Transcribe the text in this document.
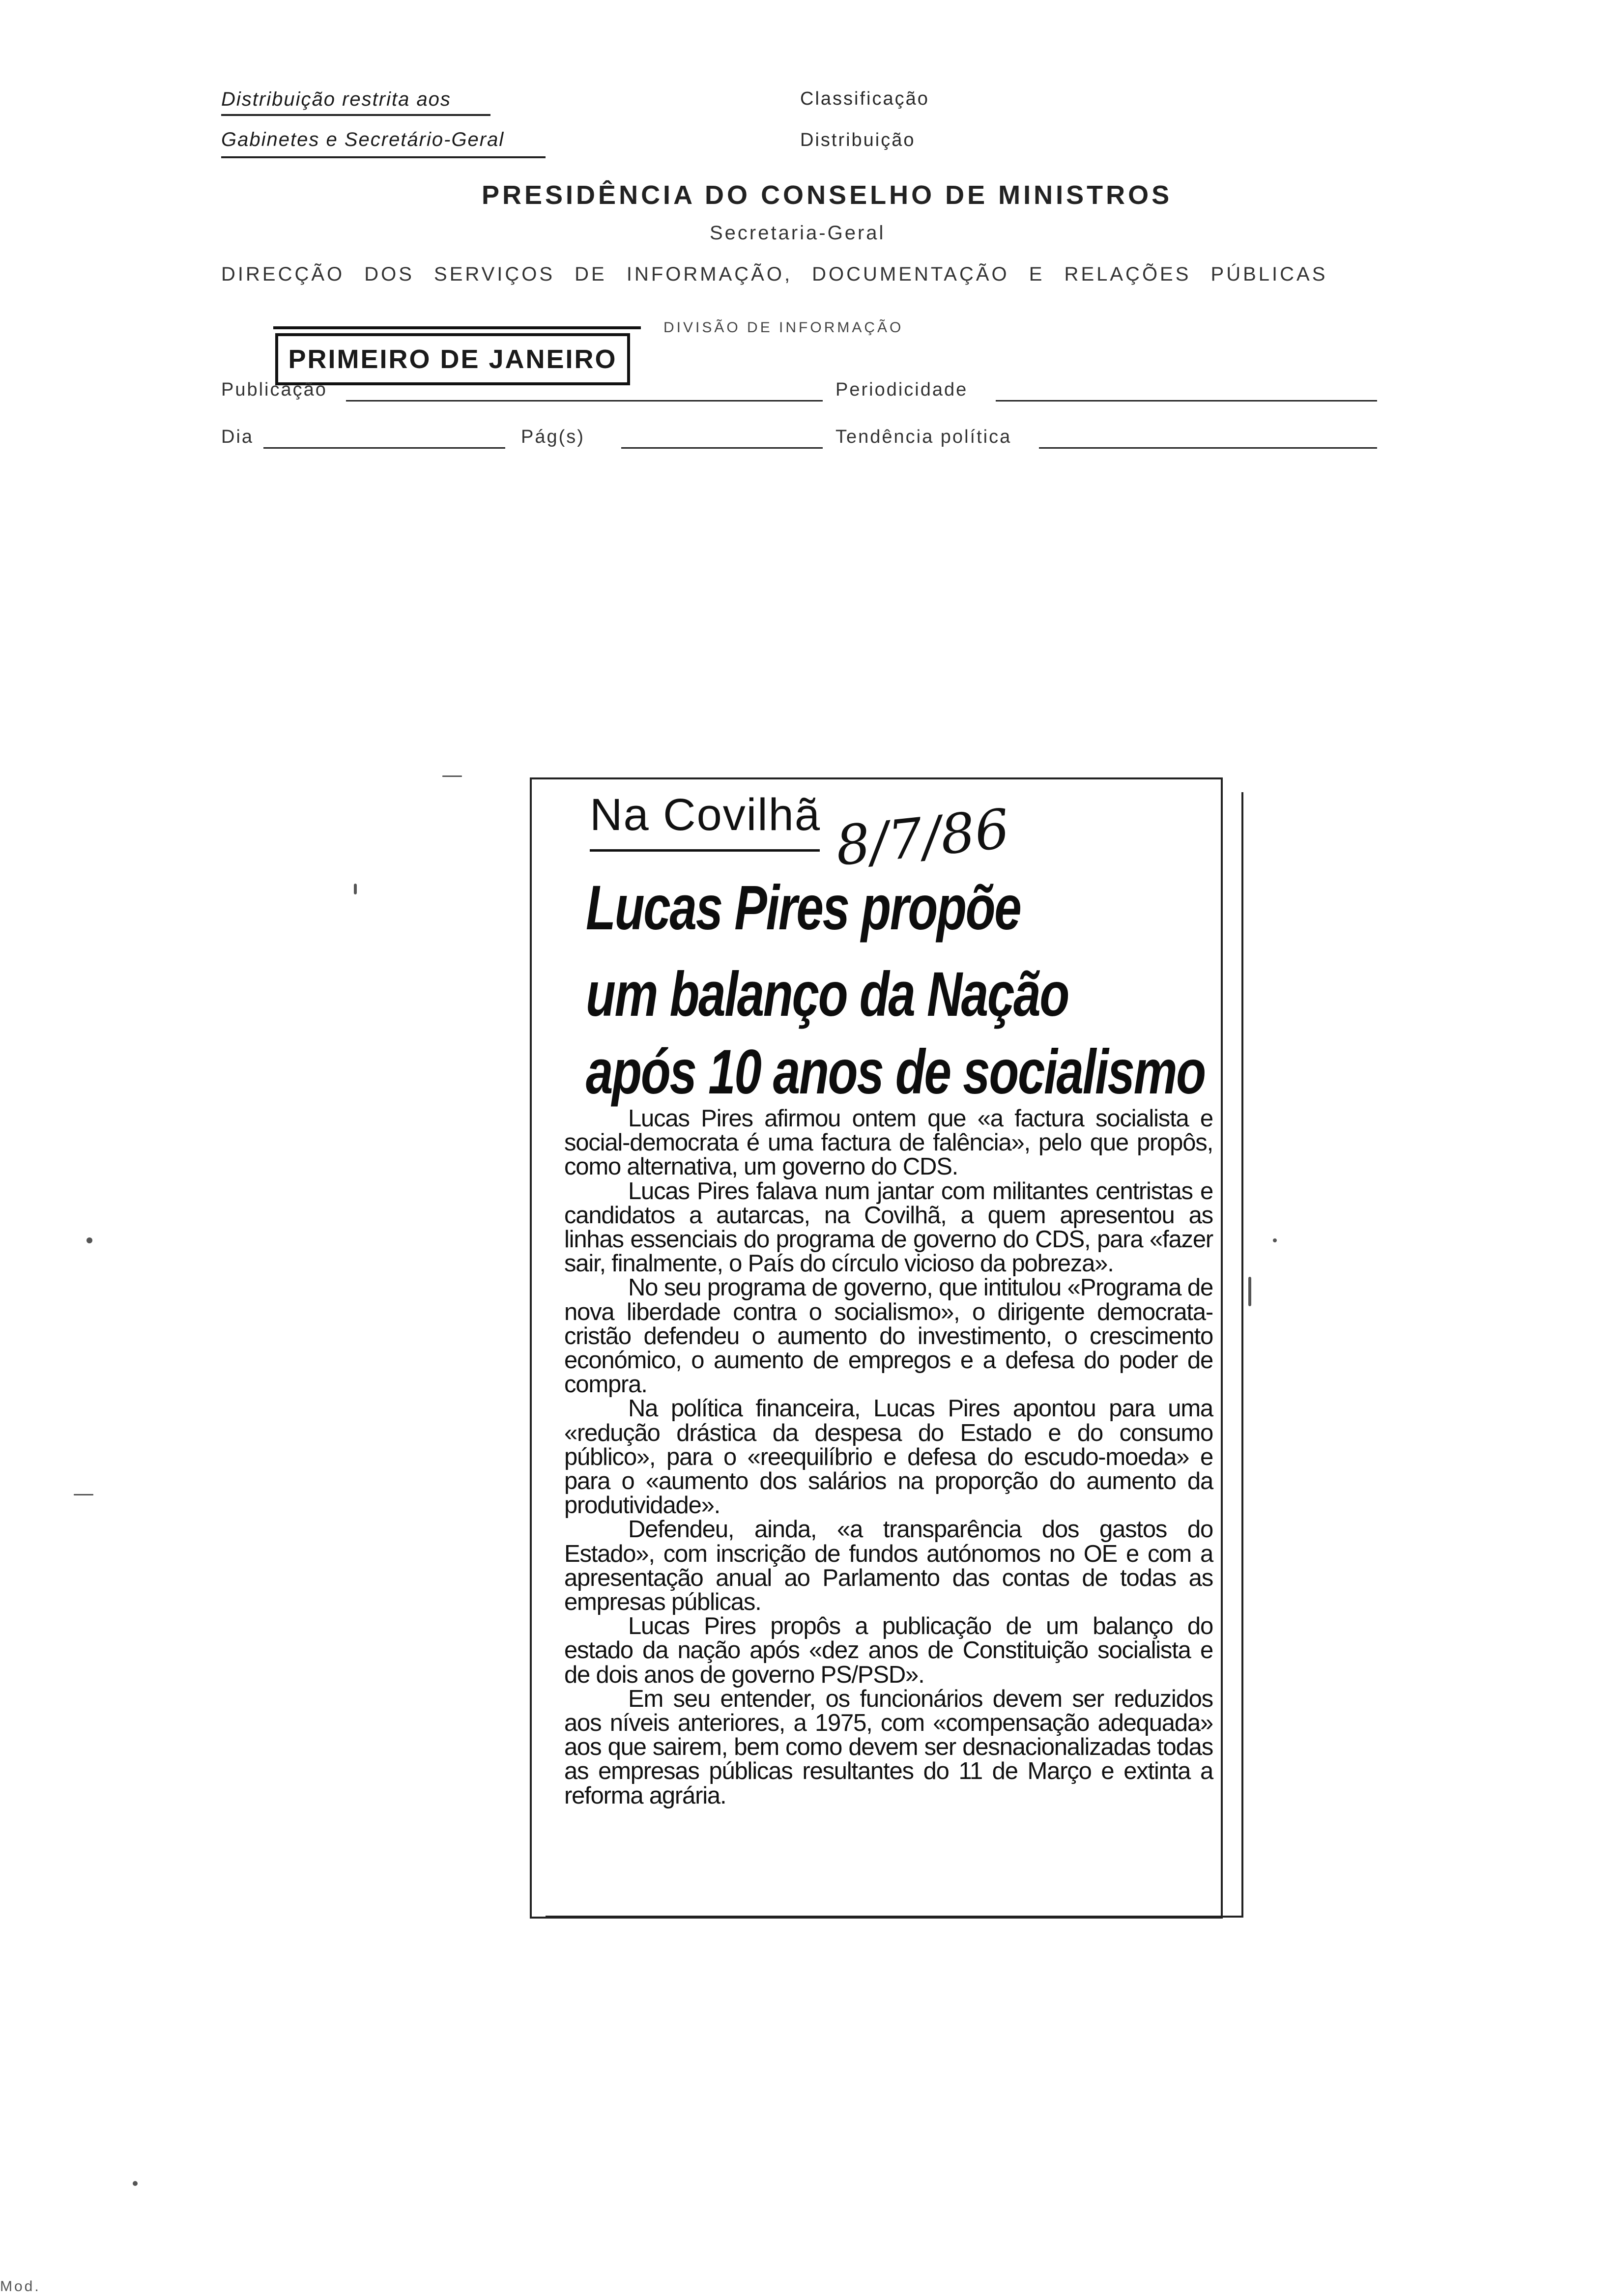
Distribuição restrita aos
Gabinetes e Secretário-Geral
Classificação
Distribuição
PRESIDÊNCIA DO CONSELHO DE MINISTROS
Secretaria-Geral
DIRECÇÃO DOS SERVIÇOS DE INFORMAÇÃO, DOCUMENTAÇÃO E RELAÇÕES PÚBLICAS
DIVISÃO DE INFORMAÇÃO
PRIMEIRO DE JANEIRO
Publicação	Periodicidade
Dia	Pág(s)	Tendência política
Na Covilhã 8/7/86
Lucas Pires propõe
um balanço da Nação
após 10 anos de socialismo

Lucas Pires afirmou ontem que «a factura socialista e social-democrata é uma factura de falência», pelo que propôs, como alternativa, um governo do CDS.

Lucas Pires falava num jantar com militantes centristas e candidatos a autarcas, na Covilhã, a quem apresentou as linhas essenciais do programa de governo do CDS, para «fazer sair, finalmente, o País do círculo vicioso da pobreza».

No seu programa de governo, que intitulou «Programa de nova liberdade contra o socialismo», o dirigente democrata-cristão defendeu o aumento do investimento, o crescimento económico, o aumento de empregos e a defesa do poder de compra.

Na política financeira, Lucas Pires apontou para uma «redução drástica da despesa do Estado e do consumo público», para o «reequilíbrio e defesa do escudo-moeda» e para o «aumento dos salários na proporção do aumento da produtividade».

Defendeu, ainda, «a transparência dos gastos do Estado», com inscrição de fundos autónomos no OE e com a apresentação anual ao Parlamento das contas de todas as empresas públicas.

Lucas Pires propôs a publicação de um balanço do estado da nação após «dez anos de Constituição socialista e de dois anos de governo PS/PSD».

Em seu entender, os funcionários devem ser reduzidos aos níveis anteriores, a 1975, com «compensação adequada» aos que sairem, bem como devem ser desnacionalizadas todas as empresas públicas resultantes do 11 de Março e extinta a reforma agrária.

Mod.
